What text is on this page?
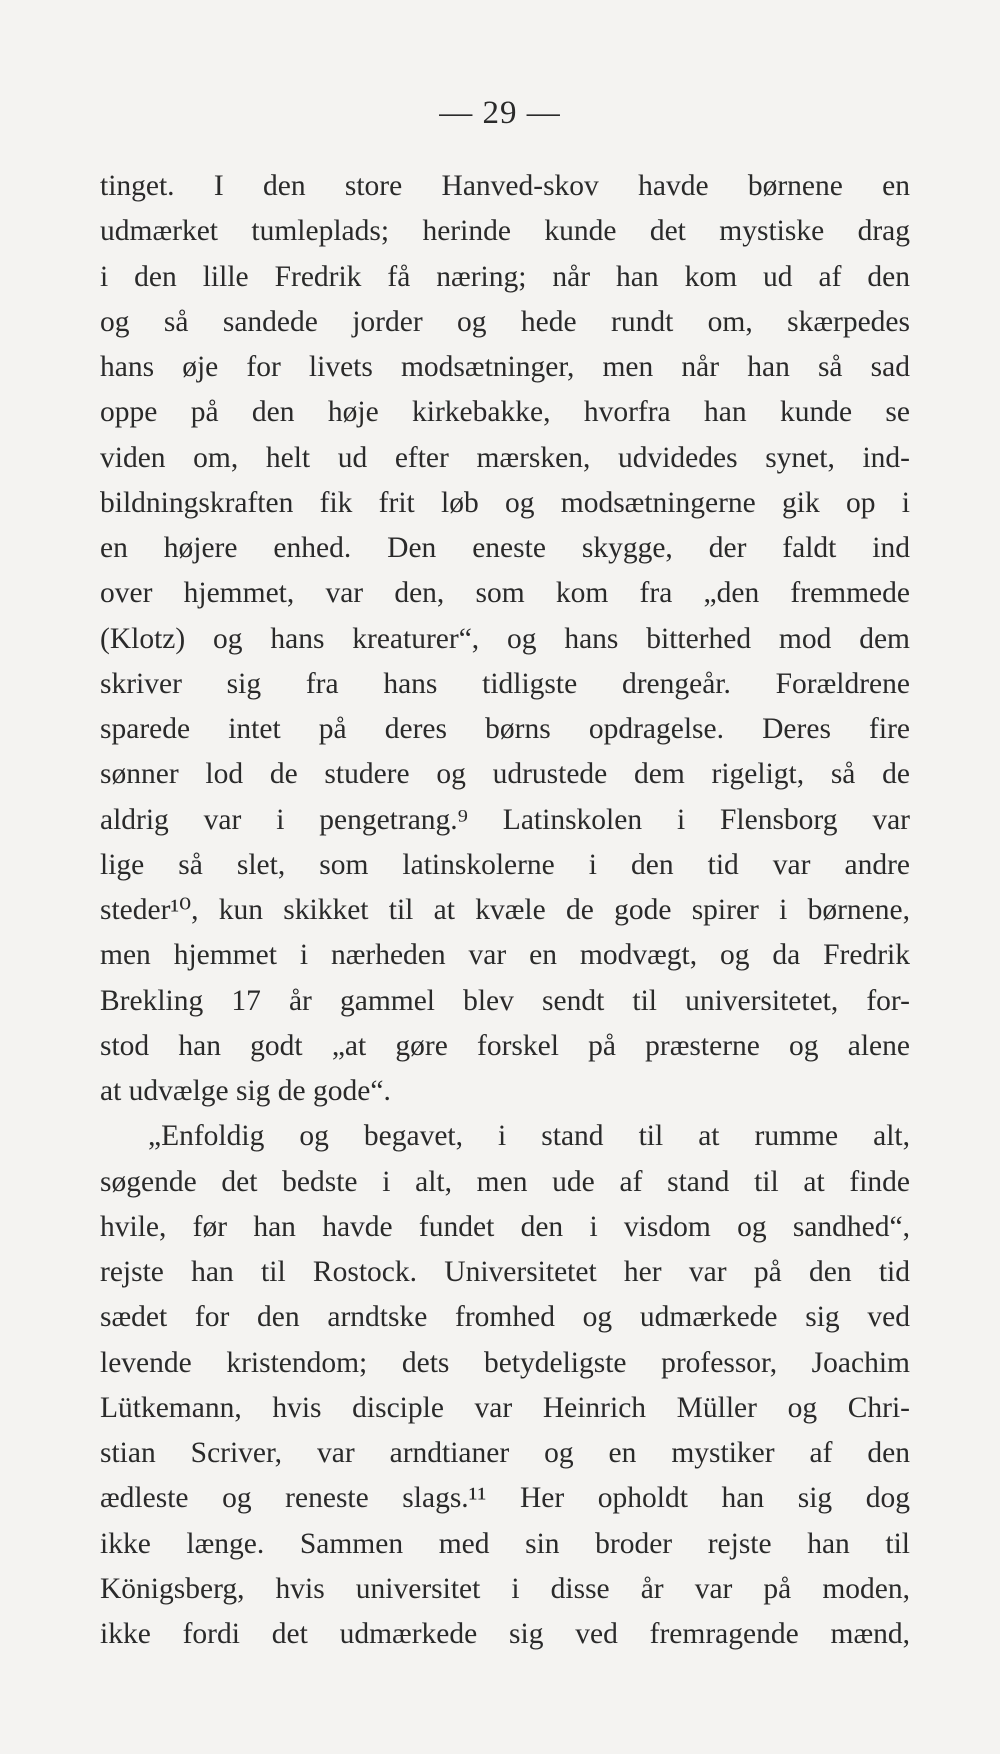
— 29 —
tinget. I den store Hanved-skov havde børnene en
udmærket tumleplads; herinde kunde det mystiske drag
i den lille Fredrik få næring; når han kom ud af den
og så sandede jorder og hede rundt om, skærpedes
hans øje for livets modsætninger, men når han så sad
oppe på den høje kirkebakke, hvorfra han kunde se
viden om, helt ud efter mærsken, udvidedes synet, ind-
bildningskraften fik frit løb og modsætningerne gik op i
en højere enhed. Den eneste skygge, der faldt ind
over hjemmet, var den, som kom fra „den fremmede
(Klotz) og hans kreaturer“, og hans bitterhed mod dem
skriver sig fra hans tidligste drengeår. Forældrene
sparede intet på deres børns opdragelse. Deres fire
sønner lod de studere og udrustede dem rigeligt, så de
aldrig var i pengetrang.⁹ Latinskolen i Flensborg var
lige så slet, som latinskolerne i den tid var andre
steder¹⁰, kun skikket til at kvæle de gode spirer i børnene,
men hjemmet i nærheden var en modvægt, og da Fredrik
Brekling 17 år gammel blev sendt til universitetet, for-
stod han godt „at gøre forskel på præsterne og alene
at udvælge sig de gode“.
„Enfoldig og begavet, i stand til at rumme alt,
søgende det bedste i alt, men ude af stand til at finde
hvile, før han havde fundet den i visdom og sandhed“,
rejste han til Rostock. Universitetet her var på den tid
sædet for den arndtske fromhed og udmærkede sig ved
levende kristendom; dets betydeligste professor, Joachim
Lütkemann, hvis disciple var Heinrich Müller og Chri-
stian Scriver, var arndtianer og en mystiker af den
ædleste og reneste slags.¹¹ Her opholdt han sig dog
ikke længe. Sammen med sin broder rejste han til
Königsberg, hvis universitet i disse år var på moden,
ikke fordi det udmærkede sig ved fremragende mænd,
